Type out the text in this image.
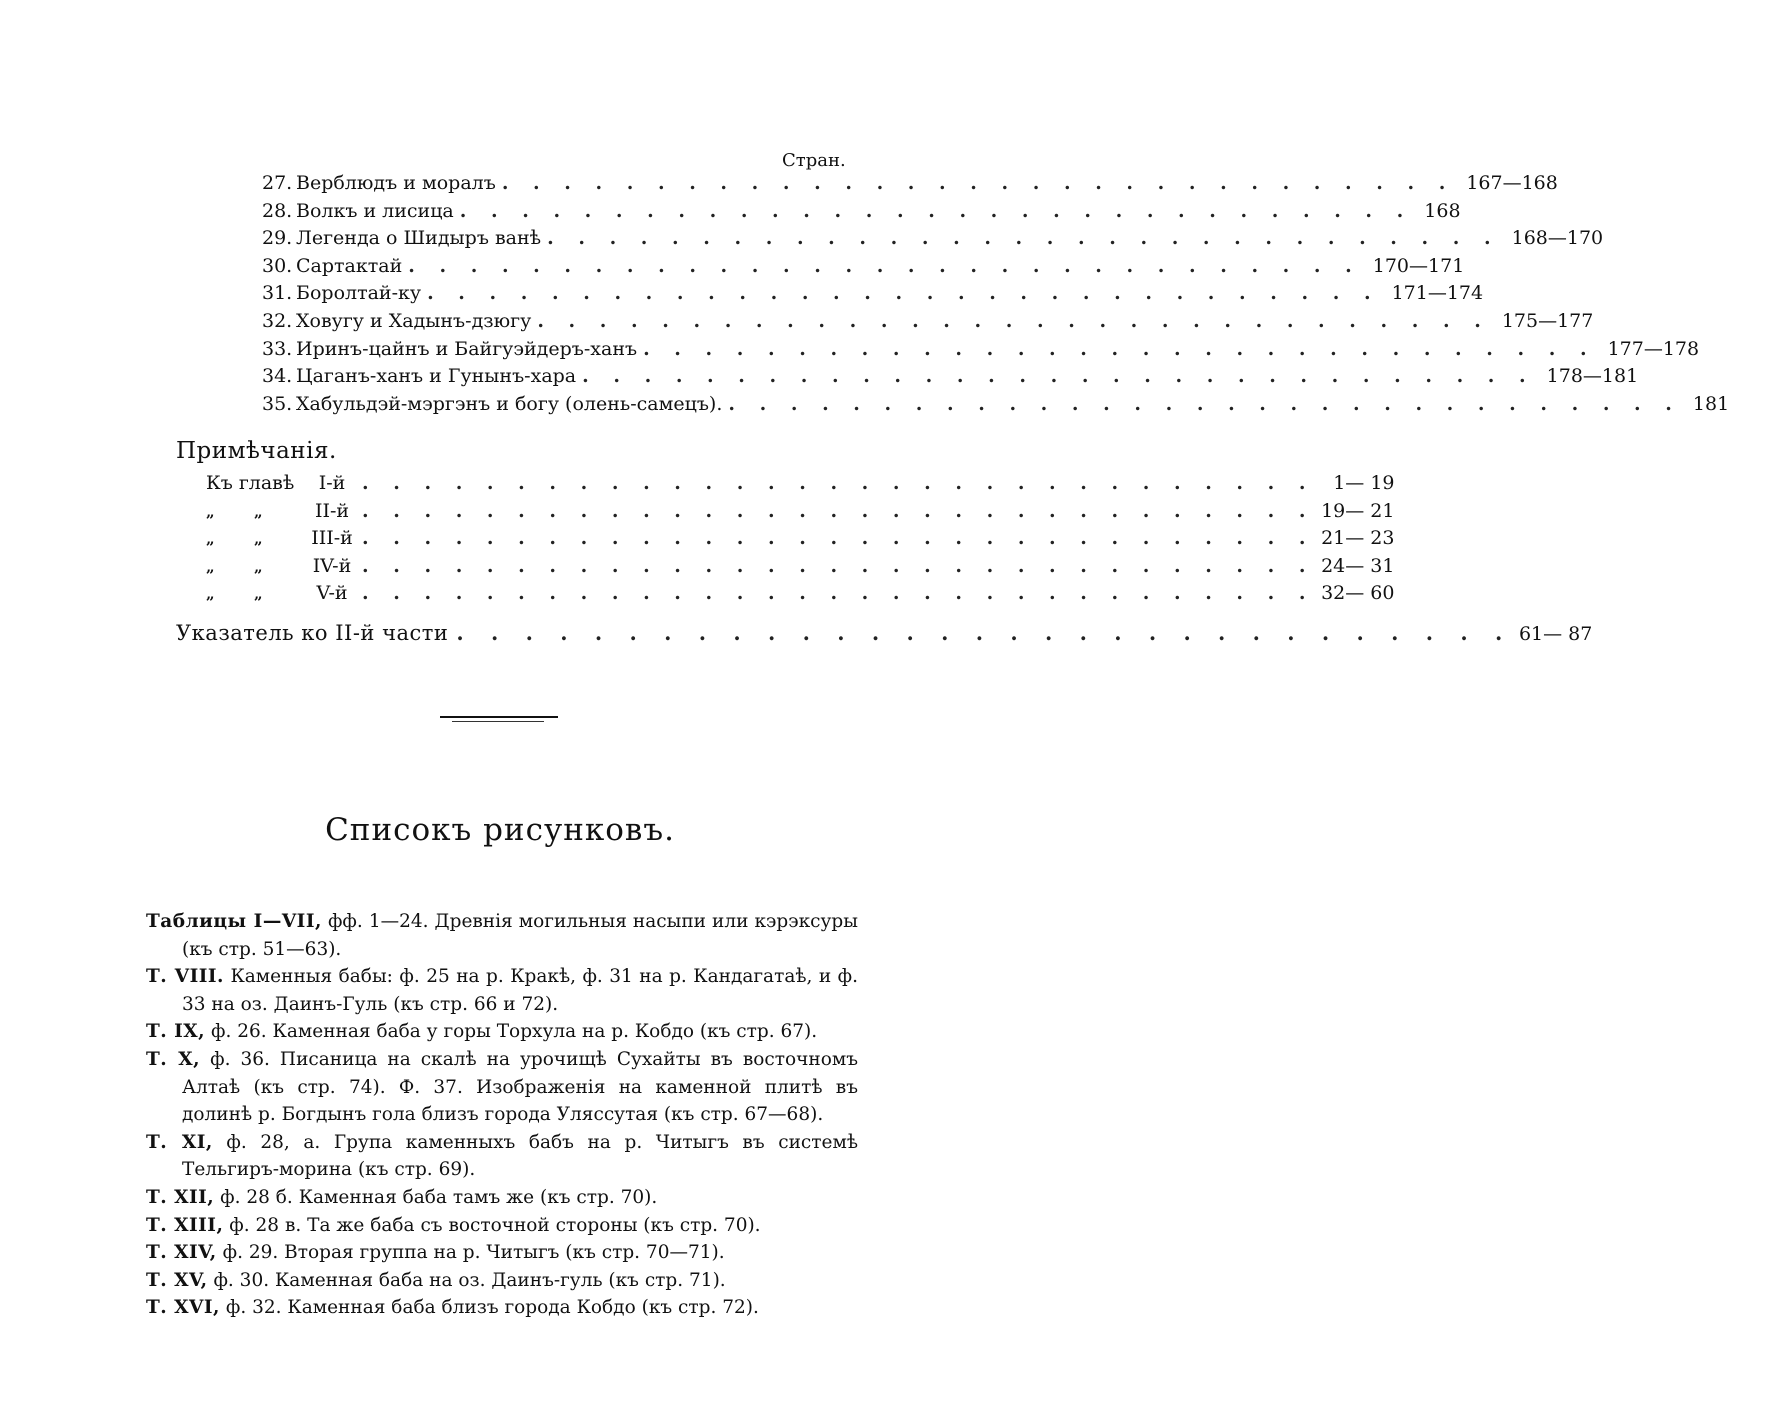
Стран.
27. Верблюдъ и моралъ . . . . . . . . . . . . . . . . . . . . . . . . . . . . . . . 167—168
28. Волкъ и лисица . . . . . . . . . . . . . . . . . . . . . . . . . . . . . . . 168
29. Легенда о Шидыръ ванѣ . . . . . . . . . . . . . . . . . . . . . . . . . . . . . . . 168—170
30. Сартактай . . . . . . . . . . . . . . . . . . . . . . . . . . . . . . . 170—171
31. Боролтай-ку . . . . . . . . . . . . . . . . . . . . . . . . . . . . . . . 171—174
32. Ховугу и Хадынъ-дзюгу . . . . . . . . . . . . . . . . . . . . . . . . . . . . . . . 175—177
33. Иринъ-цайнъ и Байгуэйдеръ-ханъ . . . . . . . . . . . . . . . . . . . . . . . . . . . . . . . 177—178
34. Цаганъ-ханъ и Гунынъ-хара . . . . . . . . . . . . . . . . . . . . . . . . . . . . . . . 178—181
35. Хабульдэй-мэргэнъ и богу (олень-самецъ). . . . . . . . . . . . . . . . . . . . . . . . . . . . . . . . 181
Примѣчанія.
Къ главѣ	I-й . . . . . . . . . . . . . . . . . . . . . . . . . . . . . . . 1— 19
„	„	II-й . . . . . . . . . . . . . . . . . . . . . . . . . . . . . . . 19— 21
„	„	III-й . . . . . . . . . . . . . . . . . . . . . . . . . . . . . . . 21— 23
„	„	IV-й . . . . . . . . . . . . . . . . . . . . . . . . . . . . . . . 24— 31
„	„	V-й . . . . . . . . . . . . . . . . . . . . . . . . . . . . . . . 32— 60
Указатель ко II-й части . . . . . . . . . . . . . . . . . . . . . . . . . . . . . . . 61— 87
Списокъ рисунковъ.

Таблицы I—VII, фф. 1—24. Древнія могильныя насыпи или кэрэксуры (къ стр. 51—63).

Т. VIII. Каменныя бабы: ф. 25 на р. Кракѣ, ф. 31 на р. Кандагатаѣ, и ф. 33 на оз. Даинъ-Гуль (къ стр. 66 и 72).

Т. IX, ф. 26. Каменная баба у горы Торхула на р. Кобдо (къ стр. 67).

Т. X, ф. 36. Писаница на скалѣ на урочищѣ Сухайты въ восточномъ Алтаѣ (къ стр. 74). Ф. 37. Изображенія на каменной плитѣ въ долинѣ р. Богдынъ гола близъ города Уляссутая (къ стр. 67—68).

Т. XI, ф. 28, а. Група каменныхъ бабъ на р. Читыгъ въ системѣ Тельгиръ-морина (къ стр. 69).

Т. XII, ф. 28 б. Каменная баба тамъ же (къ стр. 70).

Т. XIII, ф. 28 в. Та же баба съ восточной стороны (къ стр. 70).

Т. XIV, ф. 29. Вторая группа на р. Читыгъ (къ стр. 70—71).

Т. XV, ф. 30. Каменная баба на оз. Даинъ-гуль (къ стр. 71).

Т. XVI, ф. 32. Каменная баба близъ города Кобдо (къ стр. 72).
